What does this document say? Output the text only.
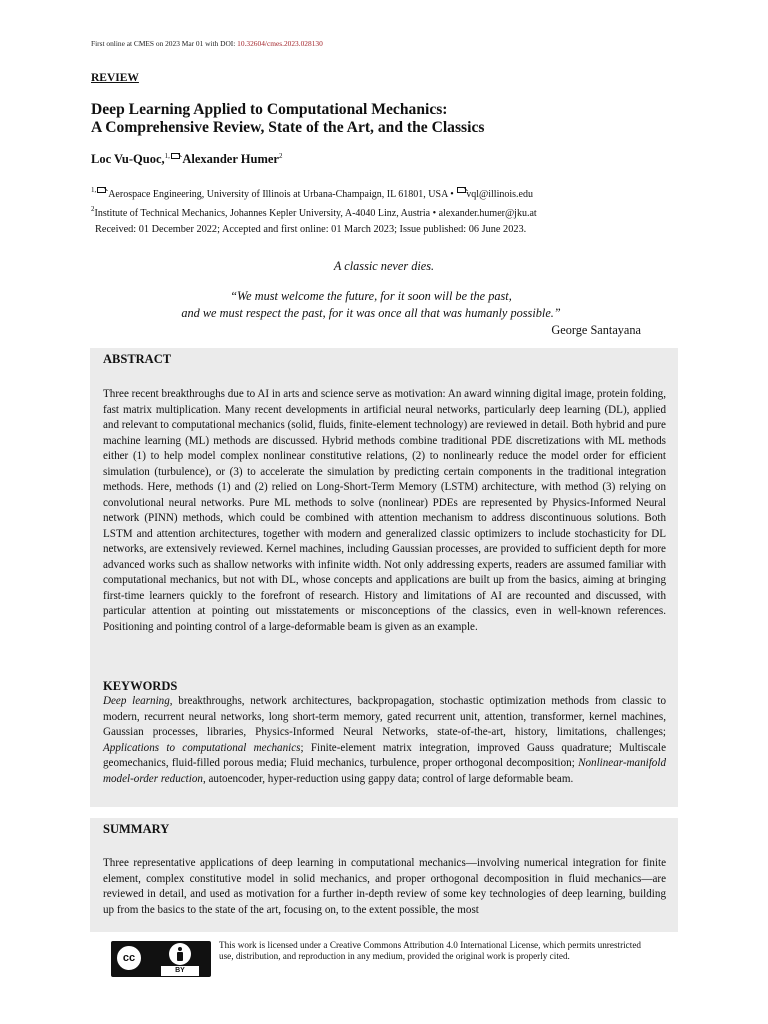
First online at CMES on 2023 Mar 01 with DOI: 10.32604/cmes.2023.028130
REVIEW
Deep Learning Applied to Computational Mechanics:
A Comprehensive Review, State of the Art, and the Classics
Loc Vu-Quoc,$^{1,}$ Alexander Humer$^2$
$^{1,}$ Aerospace Engineering, University of Illinois at Urbana-Champaign, IL 61801, USA • vql@illinois.edu
$^2$Institute of Technical Mechanics, Johannes Kepler University, A-4040 Linz, Austria • alexander.humer@jku.at
Received: 01 December 2022; Accepted and first online: 01 March 2023; Issue published: 06 June 2023.
A classic never dies.
“We must welcome the future, for it soon will be the past,
and we must respect the past, for it was once all that was humanly possible.”
George Santayana
ABSTRACT
Three recent breakthroughs due to AI in arts and science serve as motivation: An award winning digital image, protein folding, fast matrix multiplication. Many recent developments in artificial neural networks, particularly deep learning (DL), applied and relevant to computational mechanics (solid, fluids, finite-element technology) are reviewed in detail. Both hybrid and pure machine learning (ML) methods are discussed. Hybrid methods combine traditional PDE discretizations with ML methods either (1) to help model complex nonlinear constitutive relations, (2) to nonlinearly reduce the model order for efficient simulation (turbulence), or (3) to accelerate the simulation by predicting certain components in the traditional integration methods. Here, methods (1) and (2) relied on Long-Short-Term Memory (LSTM) architecture, with method (3) relying on convolutional neural networks. Pure ML methods to solve (nonlinear) PDEs are represented by Physics-Informed Neural network (PINN) methods, which could be combined with attention mechanism to address discontinuous solutions. Both LSTM and attention architectures, together with modern and generalized classic optimizers to include stochasticity for DL networks, are extensively reviewed. Kernel machines, including Gaussian processes, are provided to sufficient depth for more advanced works such as shallow networks with infinite width. Not only addressing experts, readers are assumed familiar with computational mechanics, but not with DL, whose concepts and applications are built up from the basics, aiming at bringing first-time learners quickly to the forefront of research. History and limitations of AI are recounted and discussed, with particular attention at pointing out misstatements or misconceptions of the classics, even in well-known references. Positioning and pointing control of a large-deformable beam is given as an example.
KEYWORDS
Deep learning, breakthroughs, network architectures, backpropagation, stochastic optimization methods from classic to modern, recurrent neural networks, long short-term memory, gated recurrent unit, attention, transformer, kernel machines, Gaussian processes, libraries, Physics-Informed Neural Networks, state-of-the-art, history, limitations, challenges; Applications to computational mechanics; Finite-element matrix integration, improved Gauss quadrature; Multiscale geomechanics, fluid-filled porous media; Fluid mechanics, turbulence, proper orthogonal decomposition; Nonlinear-manifold model-order reduction, autoencoder, hyper-reduction using gappy data; control of large deformable beam.
SUMMARY
Three representative applications of deep learning in computational mechanics—involving numerical integration for finite element, complex constitutive model in solid mechanics, and proper orthogonal decomposition in fluid mechanics—are reviewed in detail, and used as motivation for a further in-depth review of some key technologies of deep learning, building up from the basics to the state of the art, focusing on, to the extent possible, the most
cc
BY
This work is licensed under a Creative Commons Attribution 4.0 International License, which permits unrestricted use, distribution, and reproduction in any medium, provided the original work is properly cited.
